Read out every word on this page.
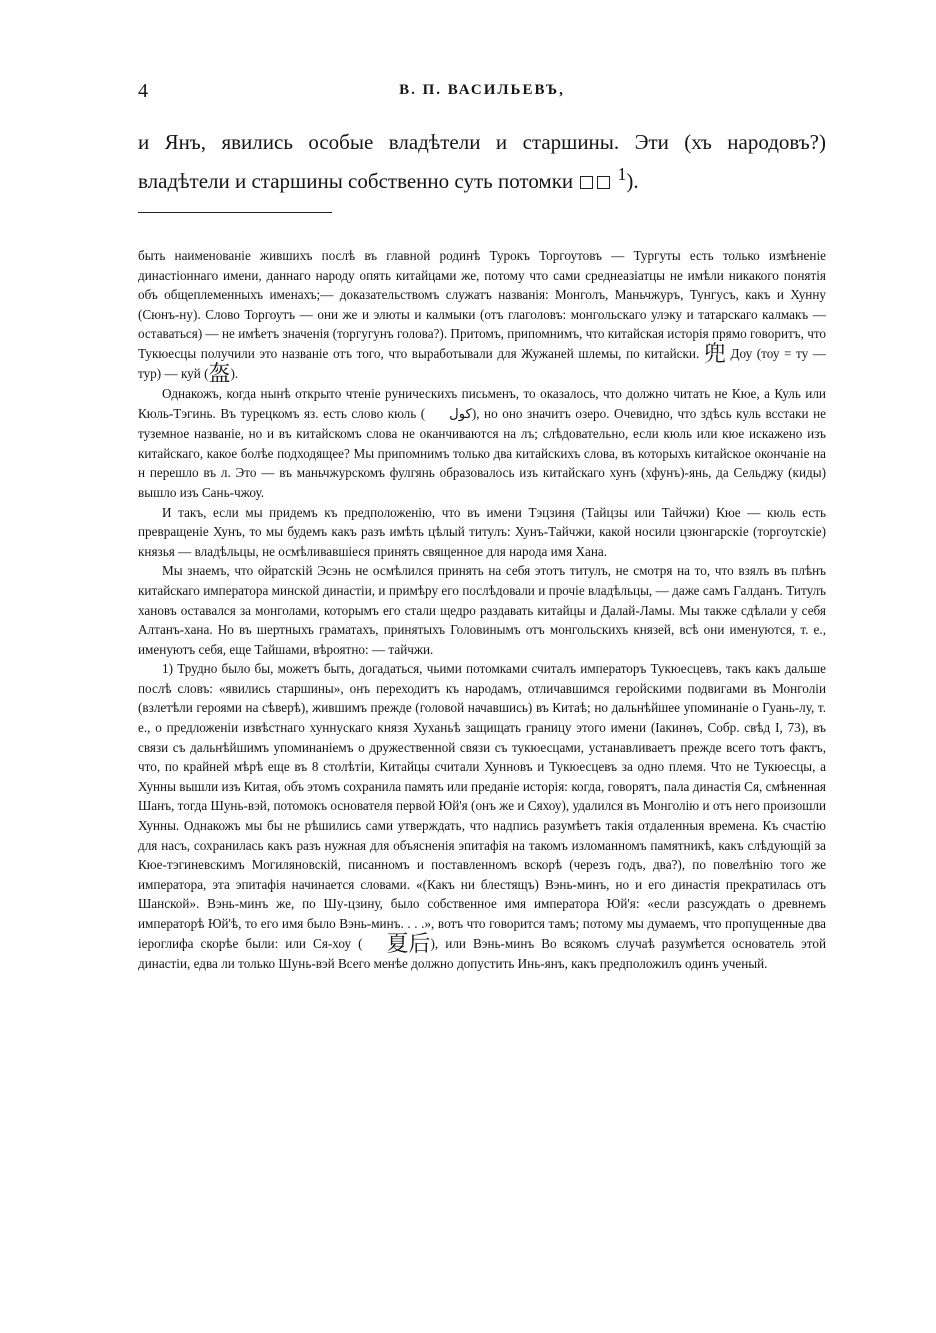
4	В. П. ВАСИЛЬЕВЪ,

и Янъ, явились особые владѣтели и старшины. Эти (хъ народовъ?) владѣтели и старшины собственно суть потомки	$^1$).

быть наименованіе жившихъ послѣ въ главной родинѣ Турокъ Торгоутовъ — Тургуты есть только измѣненіе династіоннаго имени, даннаго народу опять китайцами же, потому что сами среднеазіатцы не имѣли никакого понятія объ общеплеменныхъ именахъ;— доказательствомъ служатъ названія: Монголъ, Маньчжуръ, Тунгусъ, какъ и Хунну (Сюнъ-ну). Слово Торгоутъ — они же и элюты и калмыки (отъ глаголовъ: монгольскаго улэку и татарскаго калмакъ — оставаться) — не имѣетъ значенія (торгугунъ голова?). Притомъ, припомнимъ, что китайская исторія прямо говоритъ, что Тукюесцы получили это названіе отъ того, что выработывали для Жужаней шлемы, по китайски. 兜 Доу (тоу = ту — тур) — куй (盔).

Однакожъ, когда нынѣ открыто чтеніе руническихъ письменъ, то оказалось, что должно читать не Кюе, а Куль или Кюль-Тэгинь. Въ турецкомъ яз. есть слово кюль ( كول), но оно значитъ озеро. Очевидно, что здѣсь куль всстаки не туземное названіе, но и въ китайскомъ слова не оканчиваются на лъ; слѣдовательно, если кюль или кюе искажено изъ китайскаго, какое болѣе подходящее? Мы припомнимъ только два китайскихъ слова, въ которыхъ китайское окончаніе на н перешло въ л. Это — въ маньчжурскомъ фулгянь образовалось изъ китайскаго хунъ (хфунъ)-янь, да Сельджу (киды) вышло изъ Сань-чжоу.

И такъ, если мы придемъ къ предположенію, что въ имени Тэцзиня (Тайцзы или Тайчжи) Кюе — кюль есть превращеніе Хунъ, то мы будемъ какъ разъ имѣть цѣлый титулъ: Хунъ-Тайчжи, какой носили цзюнгарскіе (торгоутскіе) князья — владѣльцы, не осмѣливавшіеся принять священное для народа имя Хана.

Мы знаемъ, что ойратскій Эсэнь не осмѣлился принять на себя этотъ титулъ, не смотря на то, что взялъ въ плѣнъ китайскаго императора минской династіи, и примѣру его послѣдовали и прочіе владѣльцы, — даже самъ Галданъ. Титулъ хановъ оставался за монголами, которымъ его стали щедро раздавать китайцы и Далай-Ламы. Мы также сдѣлали у себя Алтанъ-хана. Но въ шертныхъ граматахъ, принятыхъ Головинымъ отъ монгольскихъ князей, всѣ они именуются, т. е., именуютъ себя, еще Тайшами, вѣроятно: — тайчжи.

1) Трудно было бы, можетъ быть, догадаться, чьими потомками считалъ императоръ Тукюесцевъ, такъ какъ дальше послѣ словъ: «явились старшины», онъ переходитъ къ народамъ, отличавшимся геройскими подвигами въ Монголіи (взлетѣли героями на сѣверѣ), жившимъ прежде (головой начавшись) въ Китаѣ; но дальнѣйшее упоминаніе о Гуань-лу, т. е., о предложеніи извѣстнаго хуннускаго князя Хуханьѣ защищать границу этого имени (Іакинѳъ, Собр. свѣд I, 73), въ связи съ дальнѣйшимъ упоминаніемъ о дружественной связи съ тукюесцами, устанавливаетъ прежде всего тотъ фактъ, что, по крайней мѣрѣ еще въ 8 столѣтіи, Китайцы считали Хунновъ и Тукюесцевъ за одно племя. Что не Тукюесцы, а Хунны вышли изъ Китая, объ этомъ сохранила память или преданіе исторія: когда, говорятъ, пала династія Ся, смѣненная Шанъ, тогда Шунь-вэй, потомокъ основателя первой Юй'я (онъ же и Сяхоу), удалился въ Монголію и отъ него произошли Хунны. Однакожъ мы бы не рѣшились сами утверждать, что надпись разумѣетъ такія отдаленныя времена. Къ счастію для насъ, сохранилась какъ разъ нужная для объясненія эпитафія на такомъ изломанномъ памятникѣ, какъ слѣдующій за Кюе-тэгиневскимъ Могиляновскій, писанномъ и поставленномъ вскорѣ (черезъ годъ, два?), по повелѣнію того же императора, эта эпитафія начинается словами. «(Какъ ни блестящъ) Вэнь-минъ, но и его династія прекратилась отъ Шанской». Вэнь-минъ же, по Шу-цзину, было собственное имя императора Юй'я: «если разсуждать о древнемъ императорѣ Юй'ѣ, то его имя было Вэнь-минъ. . . .», вотъ что говорится тамъ; потому мы думаемъ, что пропущенные два іероглифа скорѣе были: или Ся-хоу ( 夏后), или Вэнь-минъ Во всякомъ случаѣ разумѣется основатель этой династіи, едва ли только Шунь-вэй Всего менѣе должно допустить Инь-янъ, какъ предположилъ одинъ ученый.
